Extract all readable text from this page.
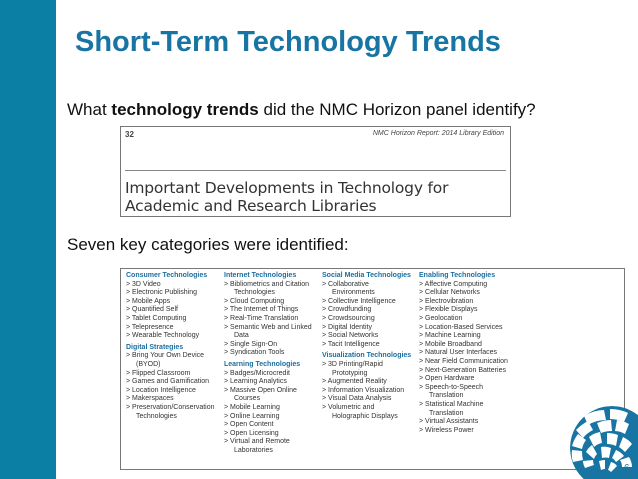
Short-Term Technology Trends
What technology trends did the NMC Horizon panel identify?
32	NMC Horizon Report: 2014 Library Edition
Important Developments in Technology for
Academic and Research Libraries
Seven key categories were identified:
Consumer Technologies
> 3D Video
> Electronic Publishing
> Mobile Apps
> Quantified Self
> Tablet Computing
> Telepresence
> Wearable Technology
Digital Strategies
> Bring Your Own Device
(BYOD)
> Flipped Classroom
> Games and Gamification
> Location Intelligence
> Makerspaces
> Preservation/Conservation
Technologies
Internet Technologies
> Bibliometrics and Citation
Technologies
> Cloud Computing
> The Internet of Things
> Real-Time Translation
> Semantic Web and Linked
Data
> Single Sign-On
> Syndication Tools
Learning Technologies
> Badges/Microcredit
> Learning Analytics
> Massive Open Online
Courses
> Mobile Learning
> Online Learning
> Open Content
> Open Licensing
> Virtual and Remote
Laboratories
Social Media Technologies
> Collaborative
Environments
> Collective Intelligence
> Crowdfunding
> Crowdsourcing
> Digital Identity
> Social Networks
> Tacit Intelligence
Visualization Technologies
> 3D Printing/Rapid
Prototyping
> Augmented Reality
> Information Visualization
> Visual Data Analysis
> Volumetric and
Holographic Displays
Enabling Technologies
> Affective Computing
> Cellular Networks
> Electrovibration
> Flexible Displays
> Geolocation
> Location-Based Services
> Machine Learning
> Mobile Broadband
> Natural User Interfaces
> Near Field Communication
> Next-Generation Batteries
> Open Hardware
> Speech-to-Speech
Translation
> Statistical Machine
Translation
> Virtual Assistants
> Wireless Power
6
